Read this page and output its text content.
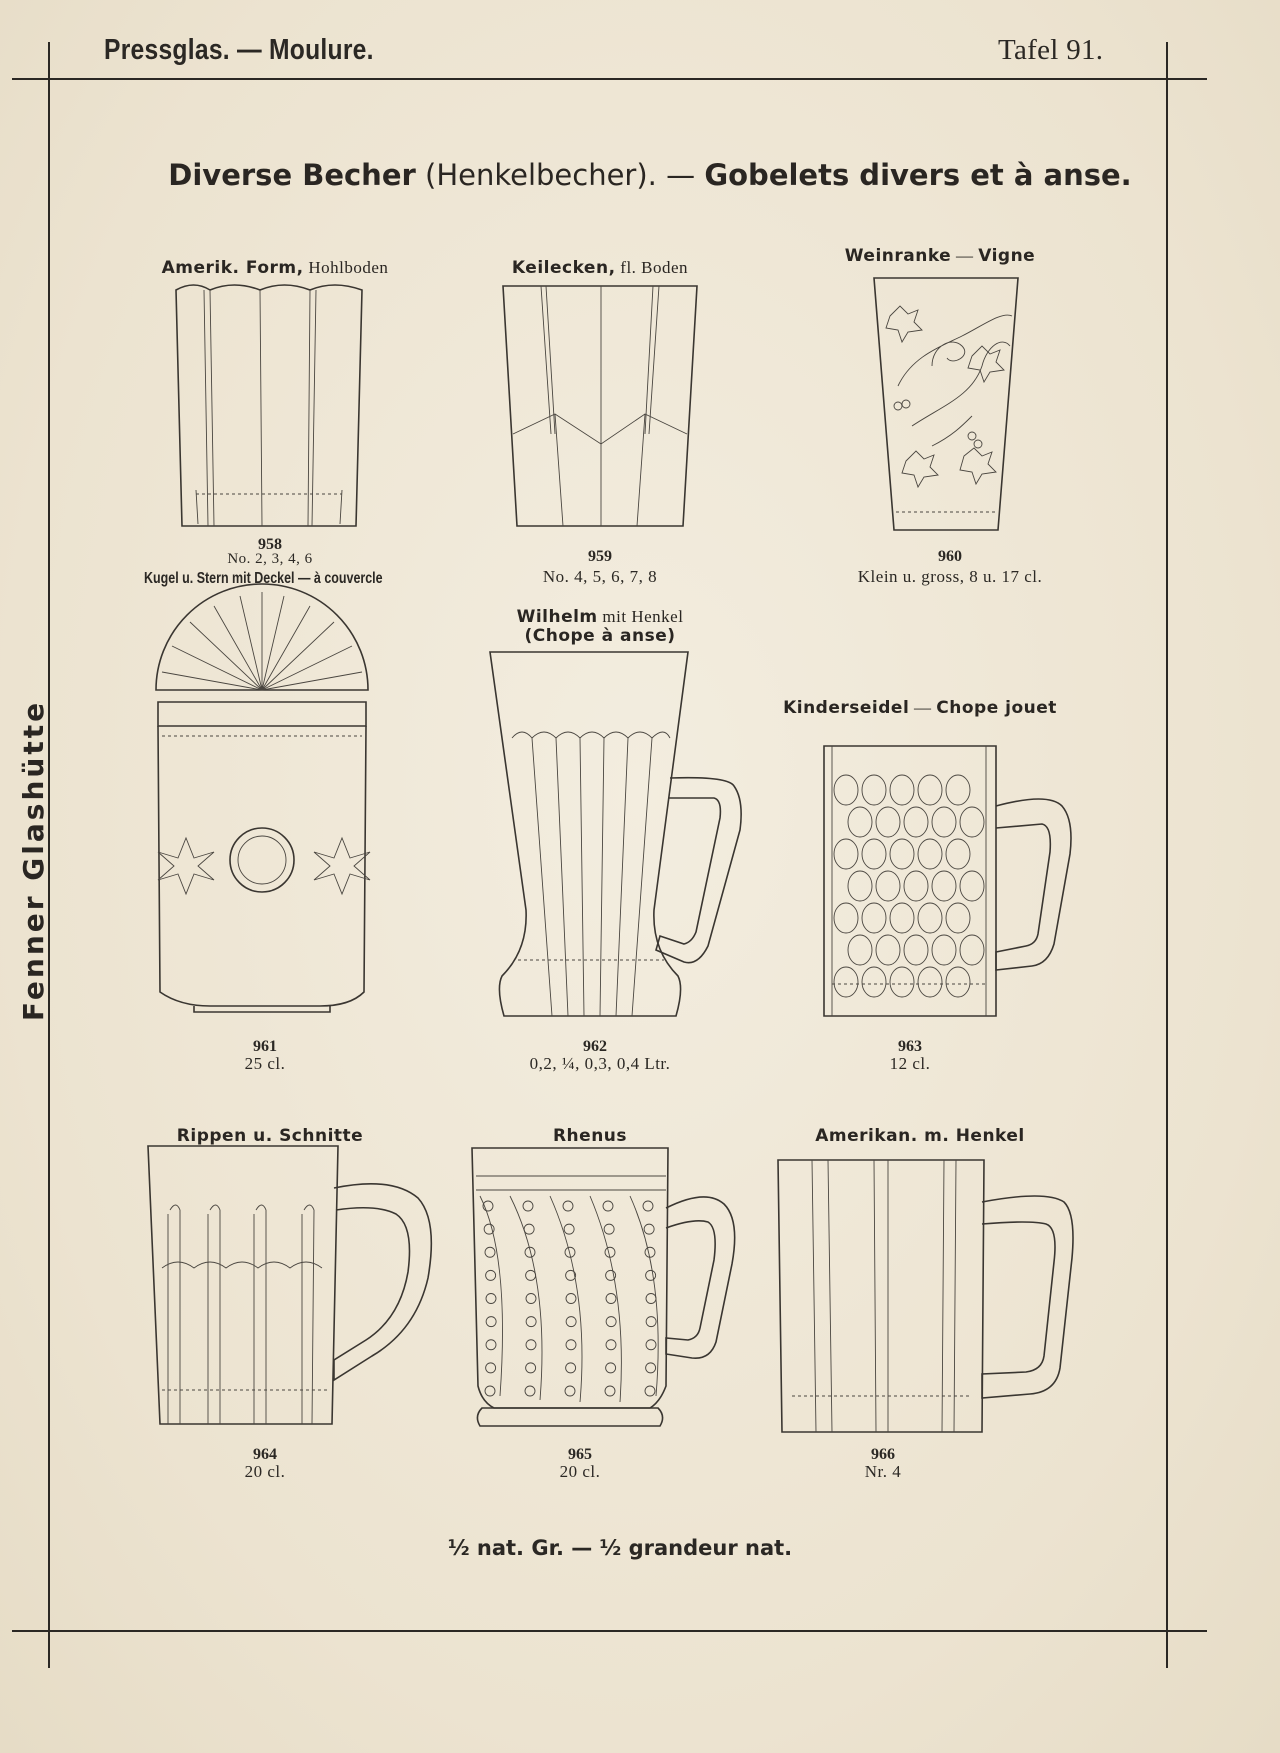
Pressglas. — Moulure.	Tafel 91.
Fenner Glashütte
Diverse Becher (Henkelbecher). — Gobelets divers et à anse.
Amerik. Form, Hohlboden
958
No. 2, 3, 4, 6
Keilecken, fl. Boden
959
No. 4, 5, 6, 7, 8
Weinranke — Vigne
960
Klein u. gross, 8 u. 17 cl.
Kugel u. Stern mit Deckel — à couvercle
961
25 cl.
Wilhelm mit Henkel
(Chope à anse)
962
0,2, ¼, 0,3, 0,4 Ltr.
Kinderseidel — Chope jouet
963
12 cl.
Rippen u. Schnitte
964
20 cl.
Rhenus
965
20 cl.
Amerikan. m. Henkel
966
Nr. 4
½ nat. Gr. — ½ grandeur nat.
